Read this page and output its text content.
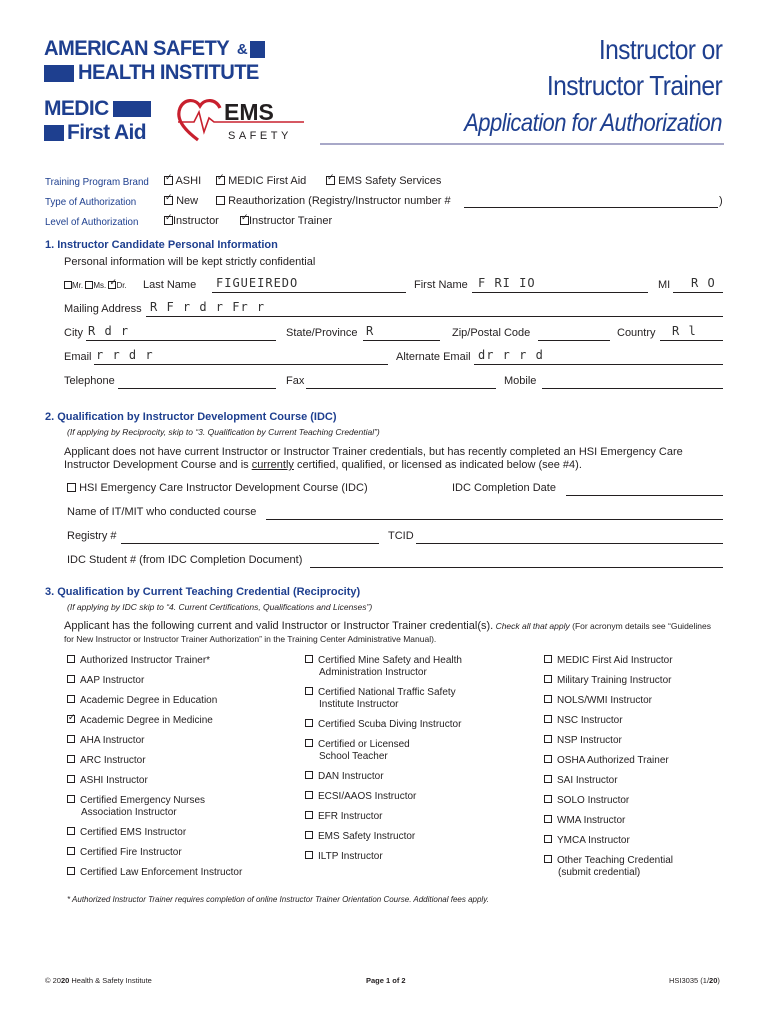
AMERICAN SAFETY &
HEALTH INSTITUTE
MEDIC
First Aid
EMS
SAFETY
Instructor or
Instructor Trainer
Application for Authorization
Training Program Brand ✓	ASHI ✓	MEDIC First Aid ✓	EMS Safety Services
Type of Authorization ✓	New	Reauthorization (Registry/Instructor number #	)
Level of Authorization ✓	Instructor ✓	Instructor Trainer
1. Instructor Candidate Personal Information
Personal information will be kept strictly confidential
Mr. Ms. ✓ Dr. Last Name FIGUEIREDO	First Name F RI IO	MI R O
Mailing Address R F r d r Fr r
City R d r	State/Province R	Zip/Postal Code	Country R l
Email r r d r	Alternate Email dr r r d
Telephone	Fax	Mobile
2. Qualification by Instructor Development Course (IDC)
(If applying by Reciprocity, skip to “3. Qualification by Current Teaching Credential”)
Applicant does not have current Instructor or Instructor Trainer credentials, but has recently completed an HSI Emergency Care
Instructor Development Course and is currently certified, qualified, or licensed as indicated below (see #4).
HSI Emergency Care Instructor Development Course (IDC)	IDC Completion Date
Name of IT/MIT who conducted course
Registry #	TCID
IDC Student # (from IDC Completion Document)
3. Qualification by Current Teaching Credential (Reciprocity)
(If applying by IDC skip to “4. Current Certifications, Qualifications and Licenses”)
Applicant has the following current and valid Instructor or Instructor Trainer credential(s). Check all that apply (For acronym details see “Guidelines
for New Instructor or Instructor Trainer Authorization” in the Training Center Administrative Manual).
Authorized Instructor Trainer*
AAP Instructor
Academic Degree in Education
✓Academic Degree in Medicine
AHA Instructor
ARC Instructor
ASHI Instructor
Certified Emergency Nurses
Association Instructor
Certified EMS Instructor
Certified Fire Instructor
Certified Law Enforcement Instructor
Certified Mine Safety and Health
Administration Instructor
Certified National Traffic Safety
Institute Instructor
Certified Scuba Diving Instructor
Certified or Licensed
School Teacher
DAN Instructor
ECSI/AAOS Instructor
EFR Instructor
EMS Safety Instructor
ILTP Instructor
MEDIC First Aid Instructor
Military Training Instructor
NOLS/WMI Instructor
NSC Instructor
NSP Instructor
OSHA Authorized Trainer
SAI Instructor
SOLO Instructor
WMA Instructor
YMCA Instructor
Other Teaching Credential
(submit credential)
* Authorized Instructor Trainer requires completion of online Instructor Trainer Orientation Course. Additional fees apply.
© 2020 Health & Safety Institute	Page 1 of 2	HSI3035 (1/20)
